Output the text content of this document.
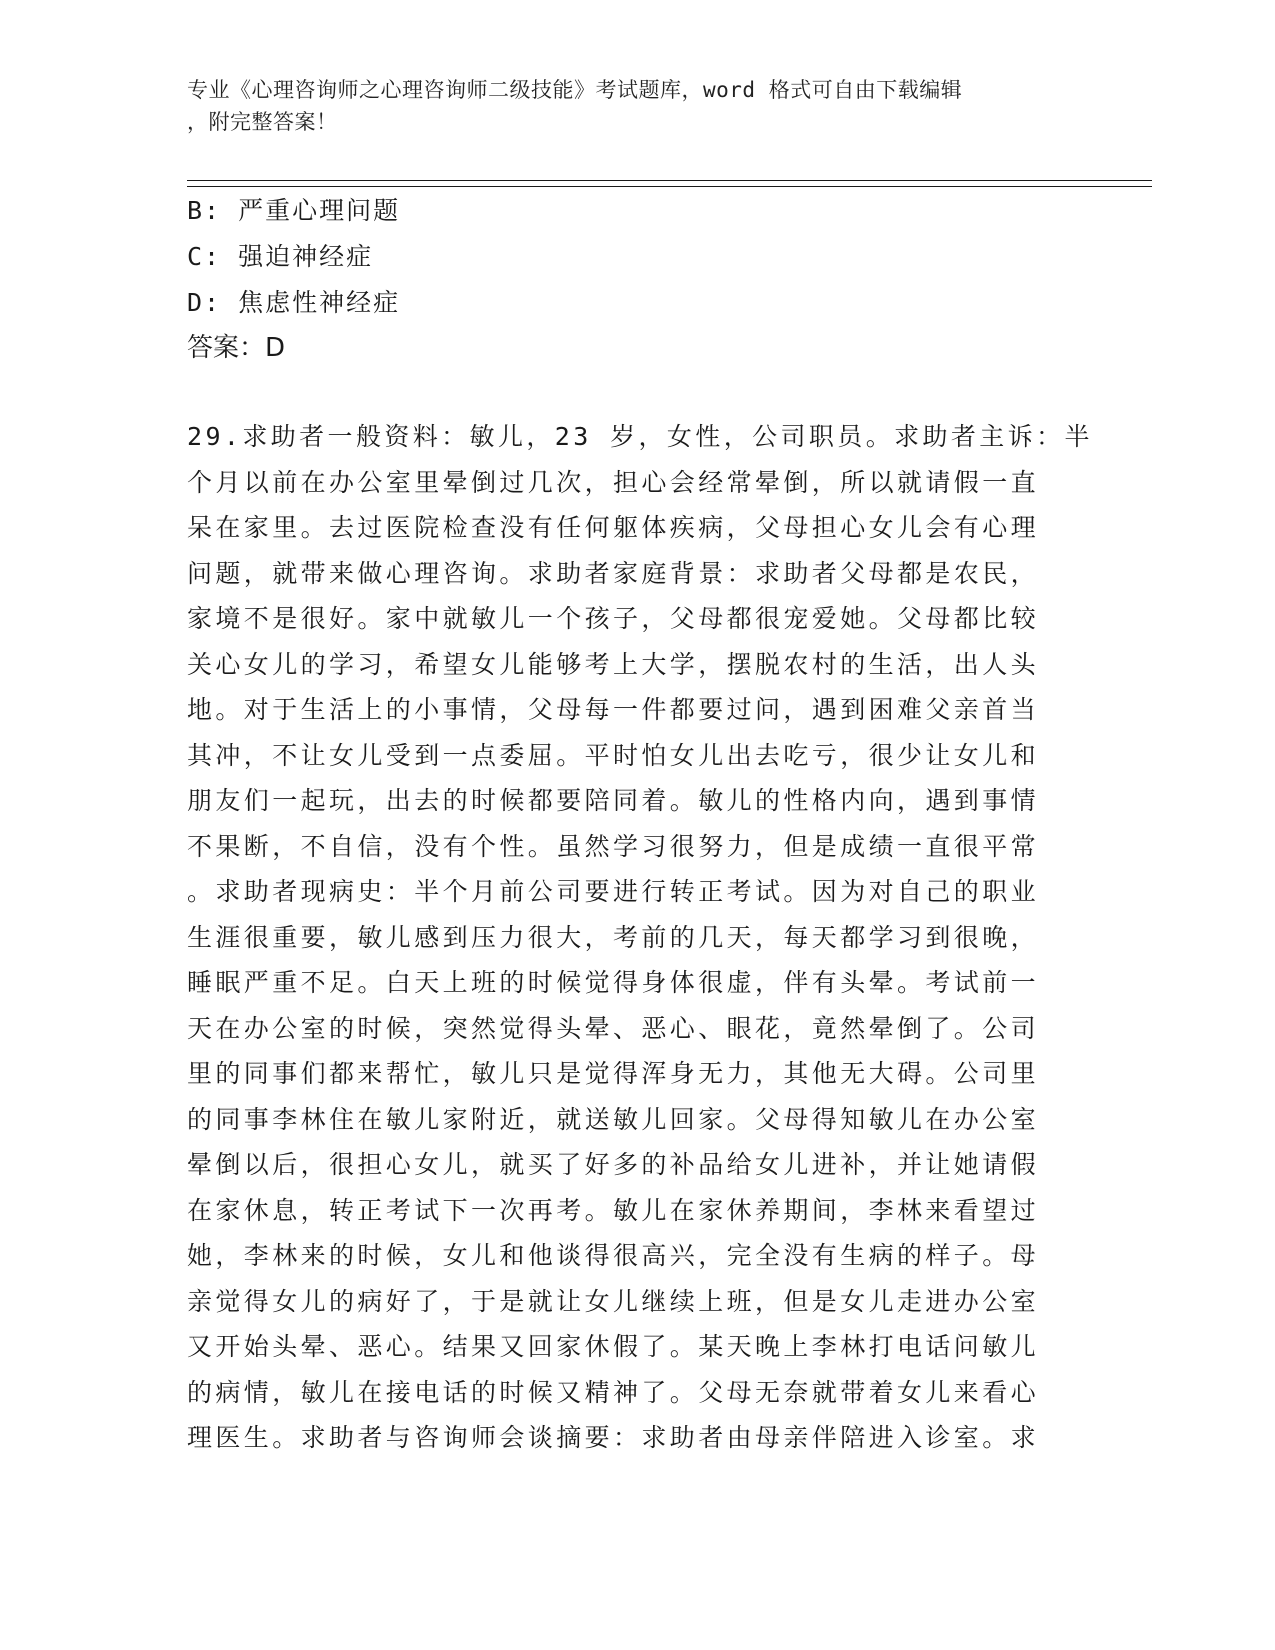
专业《心理咨询师之心理咨询师二级技能》考试题库，word 格式可自由下载编辑
，附完整答案！
B: 严重心理问题
C: 强迫神经症
D: 焦虑性神经症
答案：D
29.求助者一般资料：敏儿，23 岁，女性，公司职员。求助者主诉：半
个月以前在办公室里晕倒过几次，担心会经常晕倒，所以就请假一直
呆在家里。去过医院检查没有任何躯体疾病，父母担心女儿会有心理
问题，就带来做心理咨询。求助者家庭背景：求助者父母都是农民，
家境不是很好。家中就敏儿一个孩子，父母都很宠爱她。父母都比较
关心女儿的学习，希望女儿能够考上大学，摆脱农村的生活，出人头
地。对于生活上的小事情，父母每一件都要过问，遇到困难父亲首当
其冲，不让女儿受到一点委屈。平时怕女儿出去吃亏，很少让女儿和
朋友们一起玩，出去的时候都要陪同着。敏儿的性格内向，遇到事情
不果断，不自信，没有个性。虽然学习很努力，但是成绩一直很平常
。求助者现病史：半个月前公司要进行转正考试。因为对自己的职业
生涯很重要，敏儿感到压力很大，考前的几天，每天都学习到很晚，
睡眠严重不足。白天上班的时候觉得身体很虚，伴有头晕。考试前一
天在办公室的时候，突然觉得头晕、恶心、眼花，竟然晕倒了。公司
里的同事们都来帮忙，敏儿只是觉得浑身无力，其他无大碍。公司里
的同事李林住在敏儿家附近，就送敏儿回家。父母得知敏儿在办公室
晕倒以后，很担心女儿，就买了好多的补品给女儿进补，并让她请假
在家休息，转正考试下一次再考。敏儿在家休养期间，李林来看望过
她，李林来的时候，女儿和他谈得很高兴，完全没有生病的样子。母
亲觉得女儿的病好了，于是就让女儿继续上班，但是女儿走进办公室
又开始头晕、恶心。结果又回家休假了。某天晚上李林打电话问敏儿
的病情，敏儿在接电话的时候又精神了。父母无奈就带着女儿来看心
理医生。求助者与咨询师会谈摘要：求助者由母亲伴陪进入诊室。求
